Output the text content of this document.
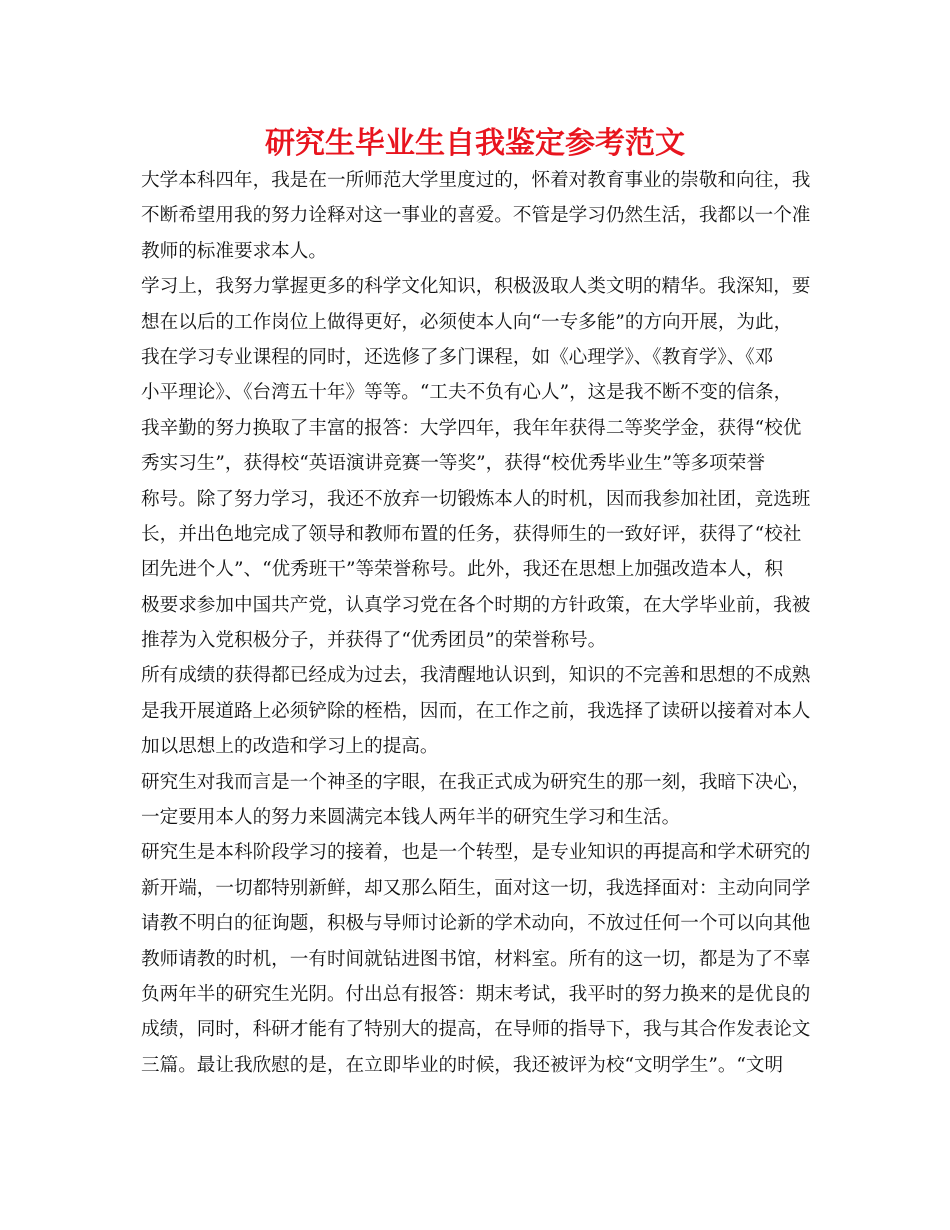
研究生毕业生自我鉴定参考范文
大学本科四年，我是在一所师范大学里度过的，怀着对教育事业的崇敬和向往，我
不断希望用我的努力诠释对这一事业的喜爱。不管是学习仍然生活，我都以一个准
教师的标准要求本人。
学习上，我努力掌握更多的科学文化知识，积极汲取人类文明的精华。我深知，要
想在以后的工作岗位上做得更好，必须使本人向“一专多能”的方向开展，为此，
我在学习专业课程的同时，还选修了多门课程，如《心理学》、《教育学》、《邓
小平理论》、《台湾五十年》等等。“工夫不负有心人”，这是我不断不变的信条，
我辛勤的努力换取了丰富的报答：大学四年，我年年获得二等奖学金，获得“校优
秀实习生”，获得校“英语演讲竞赛一等奖”，获得“校优秀毕业生”等多项荣誉
称号。除了努力学习，我还不放弃一切锻炼本人的时机，因而我参加社团，竞选班
长，并出色地完成了领导和教师布置的任务，获得师生的一致好评，获得了“校社
团先进个人”、“优秀班干”等荣誉称号。此外，我还在思想上加强改造本人，积
极要求参加中国共产党，认真学习党在各个时期的方针政策，在大学毕业前，我被
推荐为入党积极分子，并获得了“优秀团员”的荣誉称号。
所有成绩的获得都已经成为过去，我清醒地认识到，知识的不完善和思想的不成熟
是我开展道路上必须铲除的桎梏，因而，在工作之前，我选择了读研以接着对本人
加以思想上的改造和学习上的提高。
研究生对我而言是一个神圣的字眼，在我正式成为研究生的那一刻，我暗下决心，
一定要用本人的努力来圆满完本钱人两年半的研究生学习和生活。
研究生是本科阶段学习的接着，也是一个转型，是专业知识的再提高和学术研究的
新开端，一切都特别新鲜，却又那么陌生，面对这一切，我选择面对：主动向同学
请教不明白的征询题，积极与导师讨论新的学术动向，不放过任何一个可以向其他
教师请教的时机，一有时间就钻进图书馆，材料室。所有的这一切，都是为了不辜
负两年半的研究生光阴。付出总有报答：期末考试，我平时的努力换来的是优良的
成绩，同时，科研才能有了特别大的提高，在导师的指导下，我与其合作发表论文
三篇。最让我欣慰的是，在立即毕业的时候，我还被评为校“文明学生”。“文明
